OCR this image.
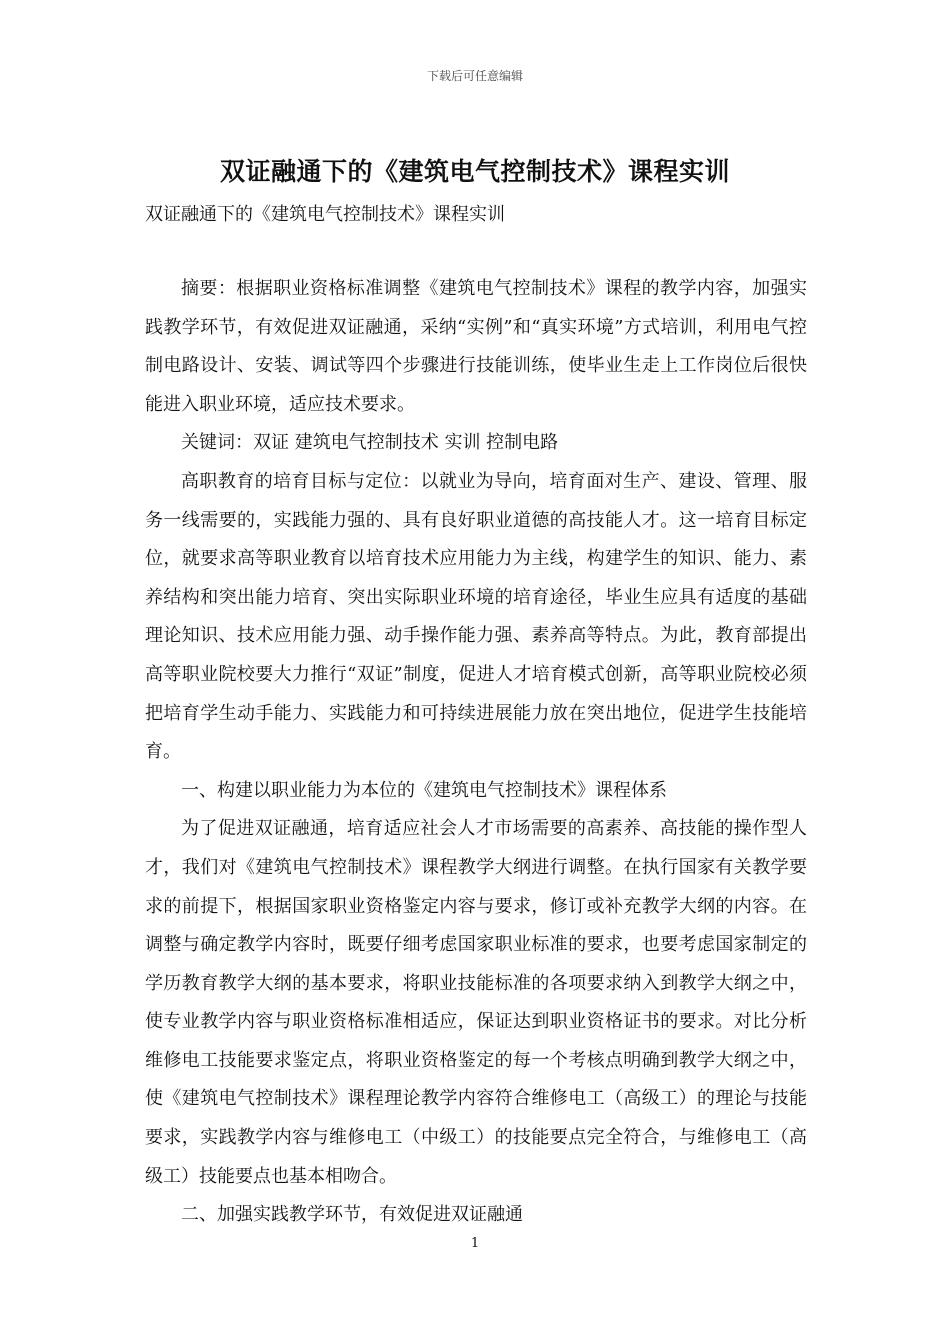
下载后可任意编辑
双证融通下的《建筑电气控制技术》课程实训
双证融通下的《建筑电气控制技术》课程实训

摘要：根据职业资格标准调整《建筑电气控制技术》课程的教学内容，加强实践教学环节，有效促进双证融通，采纳“实例”和“真实环境”方式培训，利用电气控制电路设计、安装、调试等四个步骤进行技能训练，使毕业生走上工作岗位后很快能进入职业环境，适应技术要求。

关键词：双证 建筑电气控制技术 实训 控制电路

高职教育的培育目标与定位：以就业为导向，培育面对生产、建设、管理、服务一线需要的，实践能力强的、具有良好职业道德的高技能人才。这一培育目标定位，就要求高等职业教育以培育技术应用能力为主线，构建学生的知识、能力、素养结构和突出能力培育、突出实际职业环境的培育途径，毕业生应具有适度的基础理论知识、技术应用能力强、动手操作能力强、素养高等特点。为此，教育部提出高等职业院校要大力推行“双证”制度，促进人才培育模式创新，高等职业院校必须把培育学生动手能力、实践能力和可持续进展能力放在突出地位，促进学生技能培育。

一、构建以职业能力为本位的《建筑电气控制技术》课程体系

为了促进双证融通，培育适应社会人才市场需要的高素养、高技能的操作型人才，我们对《建筑电气控制技术》课程教学大纲进行调整。在执行国家有关教学要求的前提下，根据国家职业资格鉴定内容与要求，修订或补充教学大纲的内容。在调整与确定教学内容时，既要仔细考虑国家职业标准的要求，也要考虑国家制定的学历教育教学大纲的基本要求，将职业技能标准的各项要求纳入到教学大纲之中，使专业教学内容与职业资格标准相适应，保证达到职业资格证书的要求。对比分析维修电工技能要求鉴定点，将职业资格鉴定的每一个考核点明确到教学大纲之中，使《建筑电气控制技术》课程理论教学内容符合维修电工（高级工）的理论与技能要求，实践教学内容与维修电工（中级工）的技能要点完全符合，与维修电工（高级工）技能要点也基本相吻合。

二、加强实践教学环节，有效促进双证融通

1
